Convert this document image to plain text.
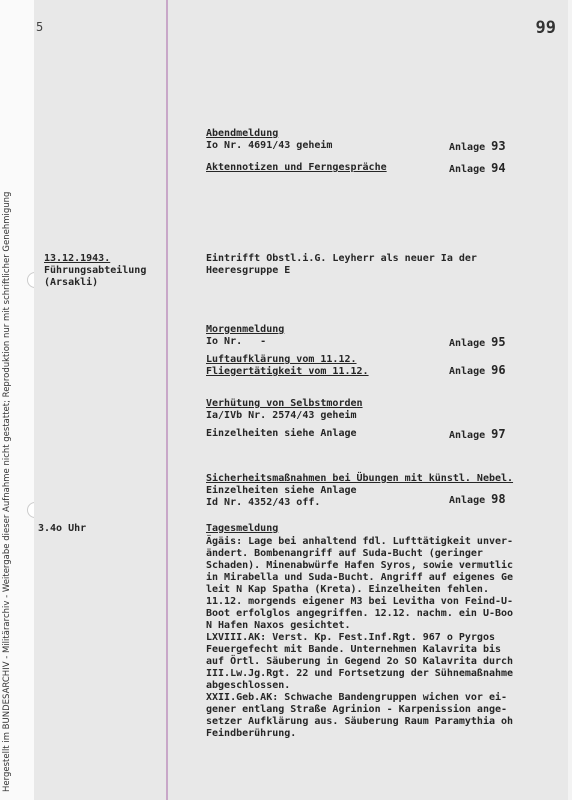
Hergestellt im BUNDESARCHIV - Militärarchiv - Weitergabe dieser Aufnahme nicht gestattet; Reproduktion nur mit schriftlicher Genehmigung
5	99
13.12.1943.
Führungsabteilung
(Arsakli)
3.4o Uhr
Abendmeldung
Io Nr. 4691/43 geheim	Anlage 93
Aktennotizen und Ferngespräche	Anlage 94
Eintrifft Obstl.i.G. Leyherr als neuer Ia der
Heeresgruppe E
Morgenmeldung
Io Nr.   -	Anlage 95
Luftaufklärung vom 11.12.
Fliegertätigkeit vom 11.12.	Anlage 96
Verhütung von Selbstmorden
Ia/IVb Nr. 2574/43 geheim
Einzelheiten siehe Anlage	Anlage 97
Sicherheitsmaßnahmen bei Übungen mit künstl. Nebel.
Einzelheiten siehe Anlage
Id Nr. 4352/43 off.	Anlage 98
Tagesmeldung
Ägäis: Lage bei anhaltend fdl. Lufttätigkeit unver-
ändert. Bombenangriff auf Suda-Bucht (geringer
Schaden). Minenabwürfe Hafen Syros, sowie vermutlic
in Mirabella und Suda-Bucht. Angriff auf eigenes Ge
leit N Kap Spatha (Kreta). Einzelheiten fehlen.
11.12. morgends eigener M3 bei Levitha von Feind-U-
Boot erfolglos angegriffen. 12.12. nachm. ein U-Boo
N Hafen Naxos gesichtet.
LXVIII.AK: Verst. Kp. Fest.Inf.Rgt. 967 o Pyrgos
Feuergefecht mit Bande. Unternehmen Kalavrita bis
auf Örtl. Säuberung in Gegend 2o SO Kalavrita durch
III.Lw.Jg.Rgt. 22 und Fortsetzung der Sühnemaßnahme
abgeschlossen.
XXII.Geb.AK: Schwache Bandengruppen wichen vor ei-
gener entlang Straße Agrinion - Karpenission ange-
setzer Aufklärung aus. Säuberung Raum Paramythia oh
Feindberührung.
